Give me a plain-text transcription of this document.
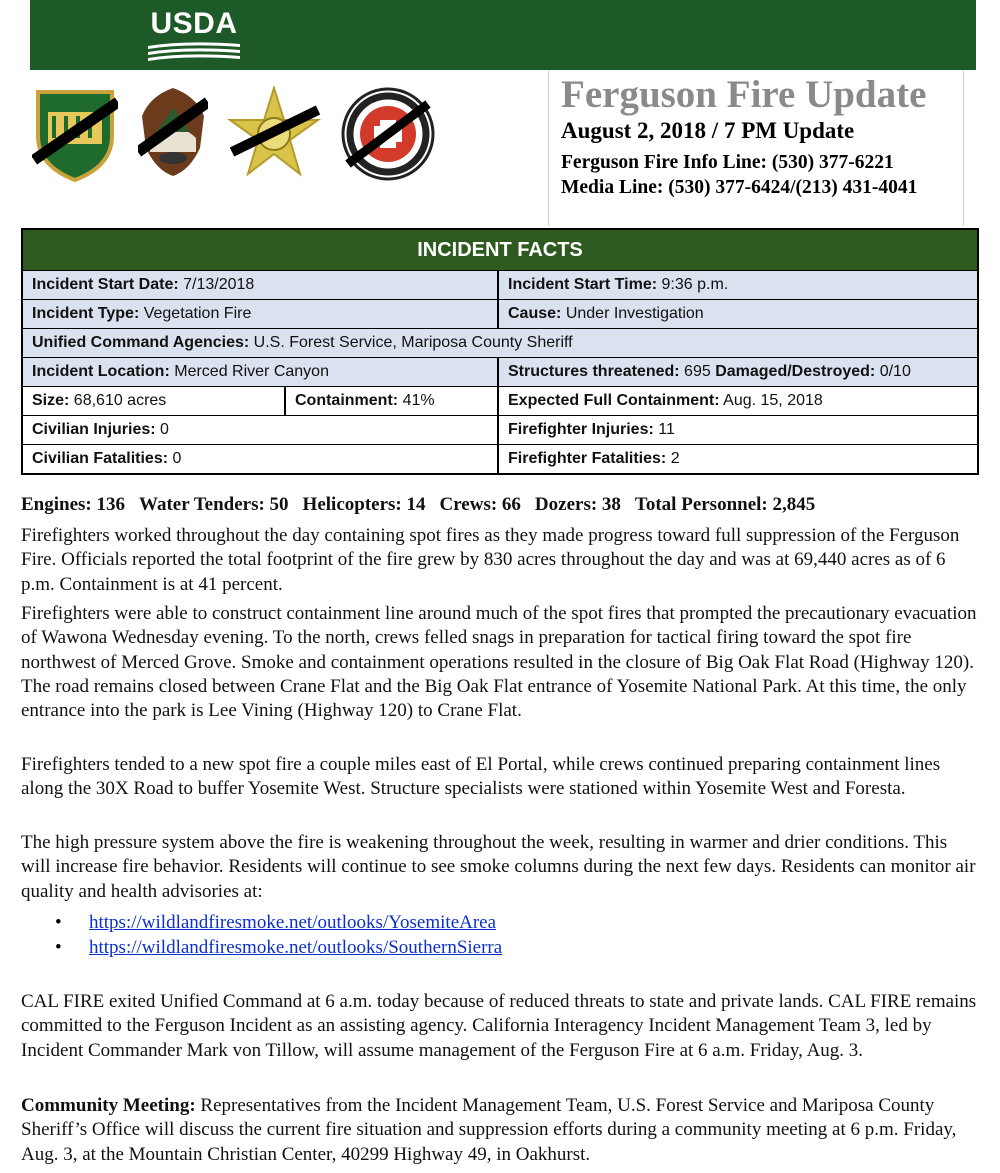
USDA
Ferguson Fire Update
August 2, 2018 / 7 PM Update
Ferguson Fire Info Line: (530) 377-6221
Media Line: (530) 377-6424/(213) 431-4041
INCIDENT FACTS
Incident Start Date: 7/13/2018	Incident Start Time: 9:36 p.m.
Incident Type: Vegetation Fire	Cause: Under Investigation
Unified Command Agencies: U.S. Forest Service, Mariposa County Sheriff
Incident Location: Merced River Canyon	Structures threatened: 695 Damaged/Destroyed: 0/10
Size: 68,610 acres	Containment: 41%	Expected Full Containment: Aug. 15, 2018
Civilian Injuries: 0	Firefighter Injuries: 11
Civilian Fatalities: 0	Firefighter Fatalities: 2
Engines: 136 Water Tenders: 50 Helicopters: 14 Crews: 66 Dozers: 38 Total Personnel: 2,845

Firefighters worked throughout the day containing spot fires as they made progress toward full suppression of the Ferguson Fire. Officials reported the total footprint of the fire grew by 830 acres throughout the day and was at 69,440 acres as of 6 p.m. Containment is at 41 percent.

Firefighters were able to construct containment line around much of the spot fires that prompted the precautionary evacuation of Wawona Wednesday evening. To the north, crews felled snags in preparation for tactical firing toward the spot fire northwest of Merced Grove. Smoke and containment operations resulted in the closure of Big Oak Flat Road (Highway 120). The road remains closed between Crane Flat and the Big Oak Flat entrance of Yosemite National Park. At this time, the only entrance into the park is Lee Vining (Highway 120) to Crane Flat.

Firefighters tended to a new spot fire a couple miles east of El Portal, while crews continued preparing containment lines along the 30X Road to buffer Yosemite West. Structure specialists were stationed within Yosemite West and Foresta.

The high pressure system above the fire is weakening throughout the week, resulting in warmer and drier conditions. This will increase fire behavior. Residents will continue to see smoke columns during the next few days. Residents can monitor air quality and health advisories at:

• https://wildlandfiresmoke.net/outlooks/YosemiteArea
• https://wildlandfiresmoke.net/outlooks/SouthernSierra

CAL FIRE exited Unified Command at 6 a.m. today because of reduced threats to state and private lands. CAL FIRE remains committed to the Ferguson Incident as an assisting agency. California Interagency Incident Management Team 3, led by Incident Commander Mark von Tillow, will assume management of the Ferguson Fire at 6 a.m. Friday, Aug. 3.

Community Meeting: Representatives from the Incident Management Team, U.S. Forest Service and Mariposa County Sheriff’s Office will discuss the current fire situation and suppression efforts during a community meeting at 6 p.m. Friday, Aug. 3, at the Mountain Christian Center, 40299 Highway 49, in Oakhurst.
